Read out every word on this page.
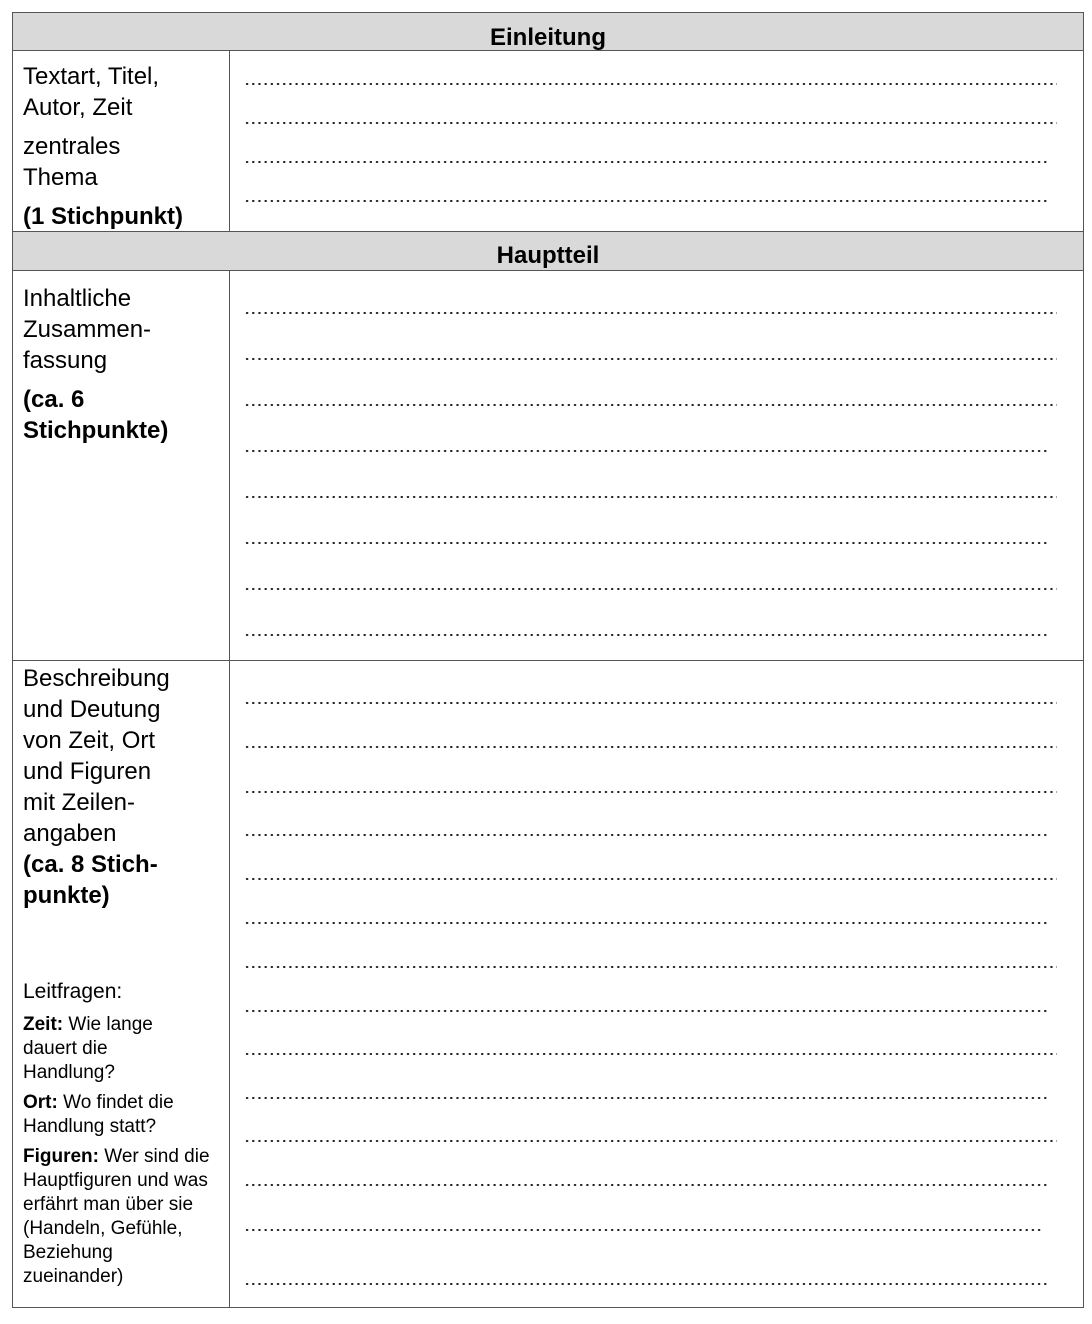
Einleitung
Textart, Titel,
Autor, Zeit
zentrales
Thema
(1 Stichpunkt)
Hauptteil
Inhaltliche
Zusammen-
fassung
(ca. 6
Stichpunkte)
Beschreibung
und Deutung
von Zeit, Ort
und Figuren
mit Zeilen-
angaben
(ca. 8 Stich-
punkte)
Leitfragen:
Zeit: Wie lange
dauert die
Handlung?
Ort: Wo findet die
Handlung statt?
Figuren: Wer sind die
Hauptfiguren und was
erfährt man über sie
(Handeln, Gefühle,
Beziehung
zueinander)
